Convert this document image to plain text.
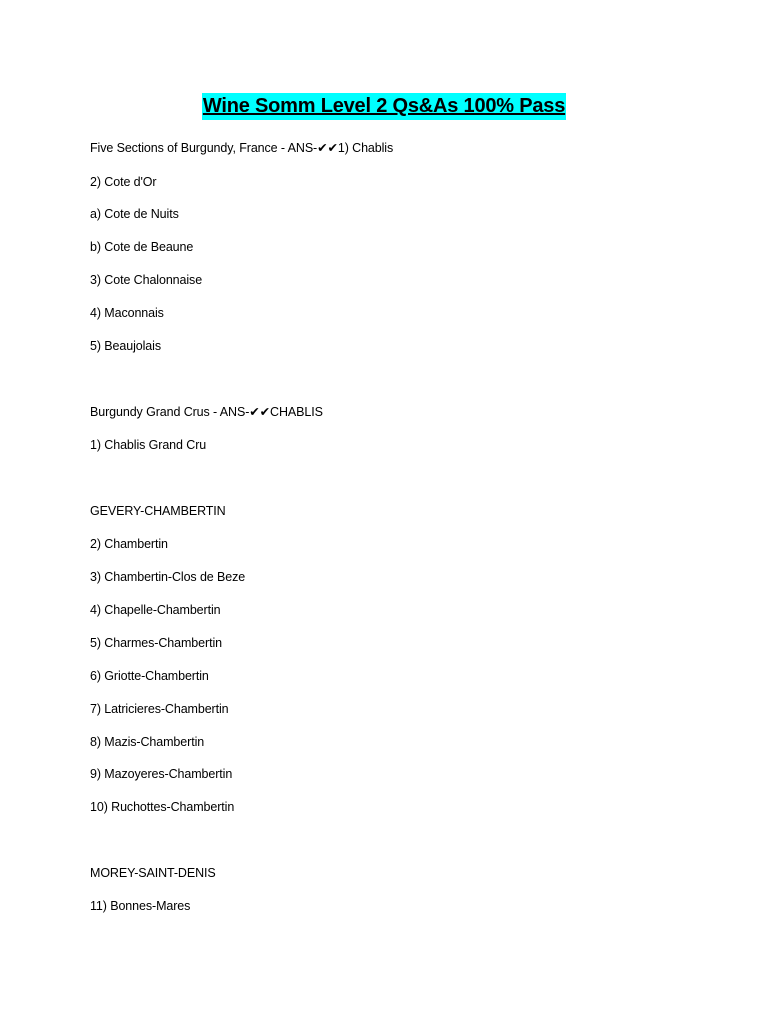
Wine Somm Level 2 Qs&As 100% Pass
Five Sections of Burgundy, France - ANS-✔✔1) Chablis
2) Cote d'Or
a) Cote de Nuits
b) Cote de Beaune
3) Cote Chalonnaise
4) Maconnais
5) Beaujolais
Burgundy Grand Crus - ANS-✔✔CHABLIS
1) Chablis Grand Cru
GEVERY-CHAMBERTIN
2) Chambertin
3) Chambertin-Clos de Beze
4) Chapelle-Chambertin
5) Charmes-Chambertin
6) Griotte-Chambertin
7) Latricieres-Chambertin
8) Mazis-Chambertin
9) Mazoyeres-Chambertin
10) Ruchottes-Chambertin
MOREY-SAINT-DENIS
11) Bonnes-Mares
